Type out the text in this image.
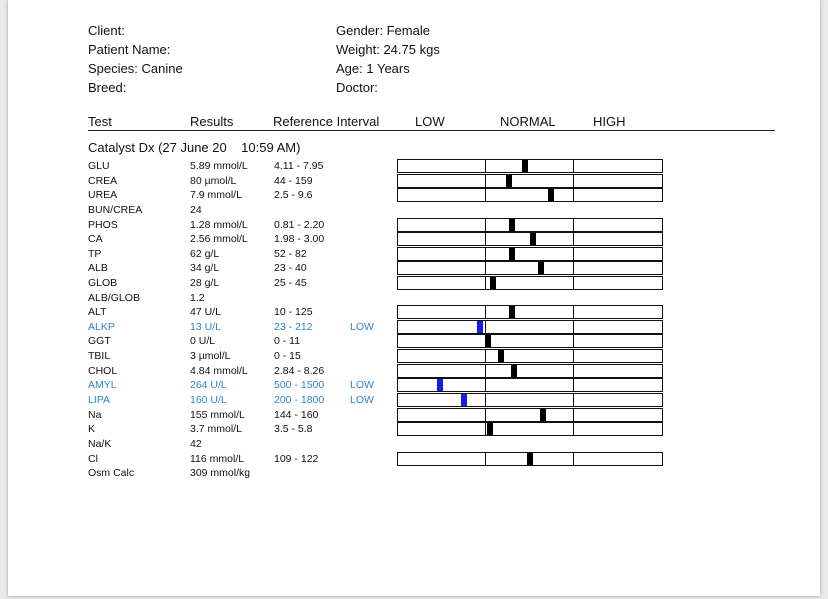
Client:
Patient Name:
Species: Canine
Breed:
Gender: Female
Weight: 24.75 kgs
Age: 1 Years
Doctor:
Test	Results	Reference Interval	LOW	NORMAL	HIGH
Catalyst Dx (27 June 20    10:59 AM)
GLU	5.89 mmol/L 4.11 - 7.95
CREA	80 µmol/L	44 - 159
UREA	7.9 mmol/L	2.5 - 9.6
BUN/CREA	24
PHOS	1.28 mmol/L 0.81 - 2.20
CA	2.56 mmol/L 1.98 - 3.00
TP	62 g/L	52 - 82
ALB	34 g/L	23 - 40
GLOB	28 g/L	25 - 45
ALB/GLOB	1.2
ALT	47 U/L	10 - 125
ALKP	13 U/L	23 - 212	LOW
GGT	0 U/L	0 - 11
TBIL	3 µmol/L	0 - 15
CHOL	4.84 mmol/L 2.84 - 8.26
AMYL	264 U/L	500 - 1500 LOW
LIPA	160 U/L	200 - 1800 LOW
Na	155 mmol/L	144 - 160
K	3.7 mmol/L	3.5 - 5.8
Na/K	42
Cl	116 mmol/L	109 - 122
Osm Calc	309 mmol/kg
